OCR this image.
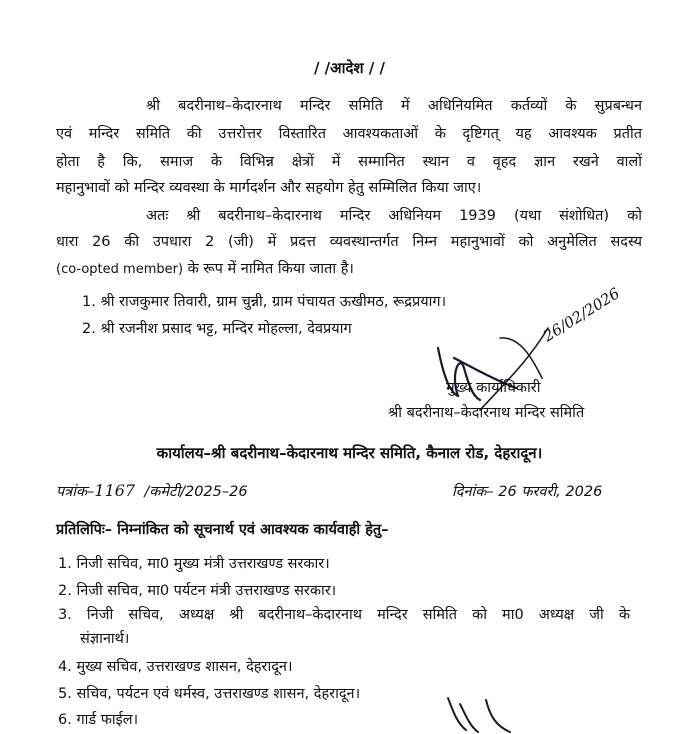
/ /आदेश / /
श्री बदरीनाथ–केदारनाथ मन्दिर समिति में अधिनियमित कर्तव्यों के सुप्रबन्धन
एवं मन्दिर समिति की उत्तरोत्तर विस्तारित आवश्यकताओं के दृष्टिगत् यह आवश्यक प्रतीत
होता है कि, समाज के विभिन्न क्षेत्रों में सम्मानित स्थान व वृहद ज्ञान रखने वालों
महानुभावों को मन्दिर व्यवस्था के मार्गदर्शन और सहयोग हेतु सम्मिलित किया जाए।
अतः श्री बदरीनाथ–केदारनाथ मन्दिर अधिनियम 1939 (यथा संशोधित) को
धारा 26 की उपधारा 2 (जी) में प्रदत्त व्यवस्थान्तर्गत निम्न महानुभावों को अनुमेलित सदस्य
(co-opted member) के रूप में नामित किया जाता है।
1. श्री राजकुमार तिवारी, ग्राम चुन्नी, ग्राम पंचायत ऊखीमठ, रूद्रप्रयाग।
2. श्री रजनीश प्रसाद भट्ट, मन्दिर मोहल्ला, देवप्रयाग	26/02/2026
मुख्य कार्याधिकारी
श्री बदरीनाथ–केदारनाथ मन्दिर समिति
कार्यालय–श्री बदरीनाथ–केदारनाथ मन्दिर समिति, कैनाल रोड, देहरादून।
पत्रांक–1167 /कमेटी/2025–26	दिनांक– 26 फरवरी, 2026
प्रतिलिपिः– निम्नांकित को सूचनार्थ एवं आवश्यक कार्यवाही हेतु–
1. निजी सचिव, मा0 मुख्य मंत्री उत्तराखण्ड सरकार।
2. निजी सचिव, मा0 पर्यटन मंत्री उत्तराखण्ड सरकार।
3. निजी सचिव, अध्यक्ष श्री बदरीनाथ–केदारनाथ मन्दिर समिति को मा0 अध्यक्ष जी के
संज्ञानार्थ।
4. मुख्य सचिव, उत्तराखण्ड शासन, देहरादून।
5. सचिव, पर्यटन एवं धर्मस्व, उत्तराखण्ड शासन, देहरादून।
6. गार्ड फाईल।
